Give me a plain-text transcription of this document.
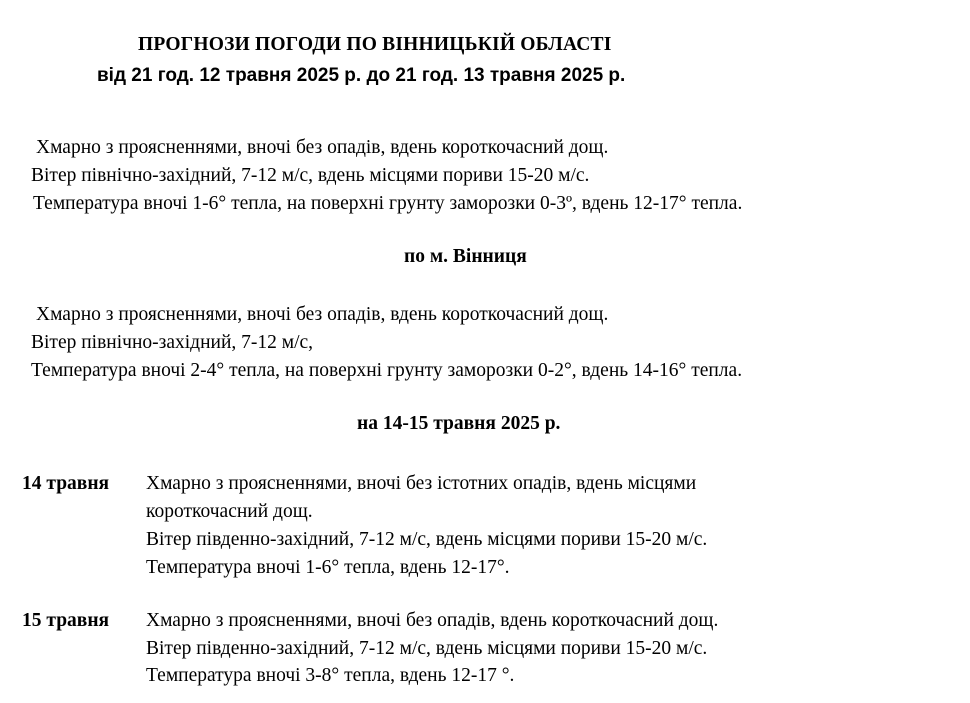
ПРОГНОЗИ ПОГОДИ ПО ВІННИЦЬКІЙ ОБЛАСТІ
від 21 год. 12 травня 2025 р. до 21 год. 13 травня 2025 р.
Хмарно з проясненнями, вночі без опадів, вдень короткочасний дощ.
Вітер північно-західний, 7-12 м/с, вдень місцями пориви 15-20 м/с.
Температура вночі 1-6° тепла, на поверхні грунту заморозки 0-3º, вдень 12-17° тепла.
по м. Вінниця
Хмарно з проясненнями, вночі без опадів, вдень короткочасний дощ.
Вітер північно-західний, 7-12 м/с,
Температура вночі 2-4° тепла, на поверхні грунту заморозки 0-2°, вдень 14-16° тепла.
на 14-15 травня 2025 р.
14 травня Хмарно з проясненнями, вночі без істотних опадів, вдень місцями
короткочасний дощ.
Вітер південно-західний, 7-12 м/с, вдень місцями пориви 15-20 м/с.
Температура вночі 1-6° тепла, вдень 12-17°.
15 травня Хмарно з проясненнями, вночі без опадів, вдень короткочасний дощ.
Вітер південно-західний, 7-12 м/с, вдень місцями пориви 15-20 м/с.
Температура вночі 3-8° тепла, вдень 12-17 °.
